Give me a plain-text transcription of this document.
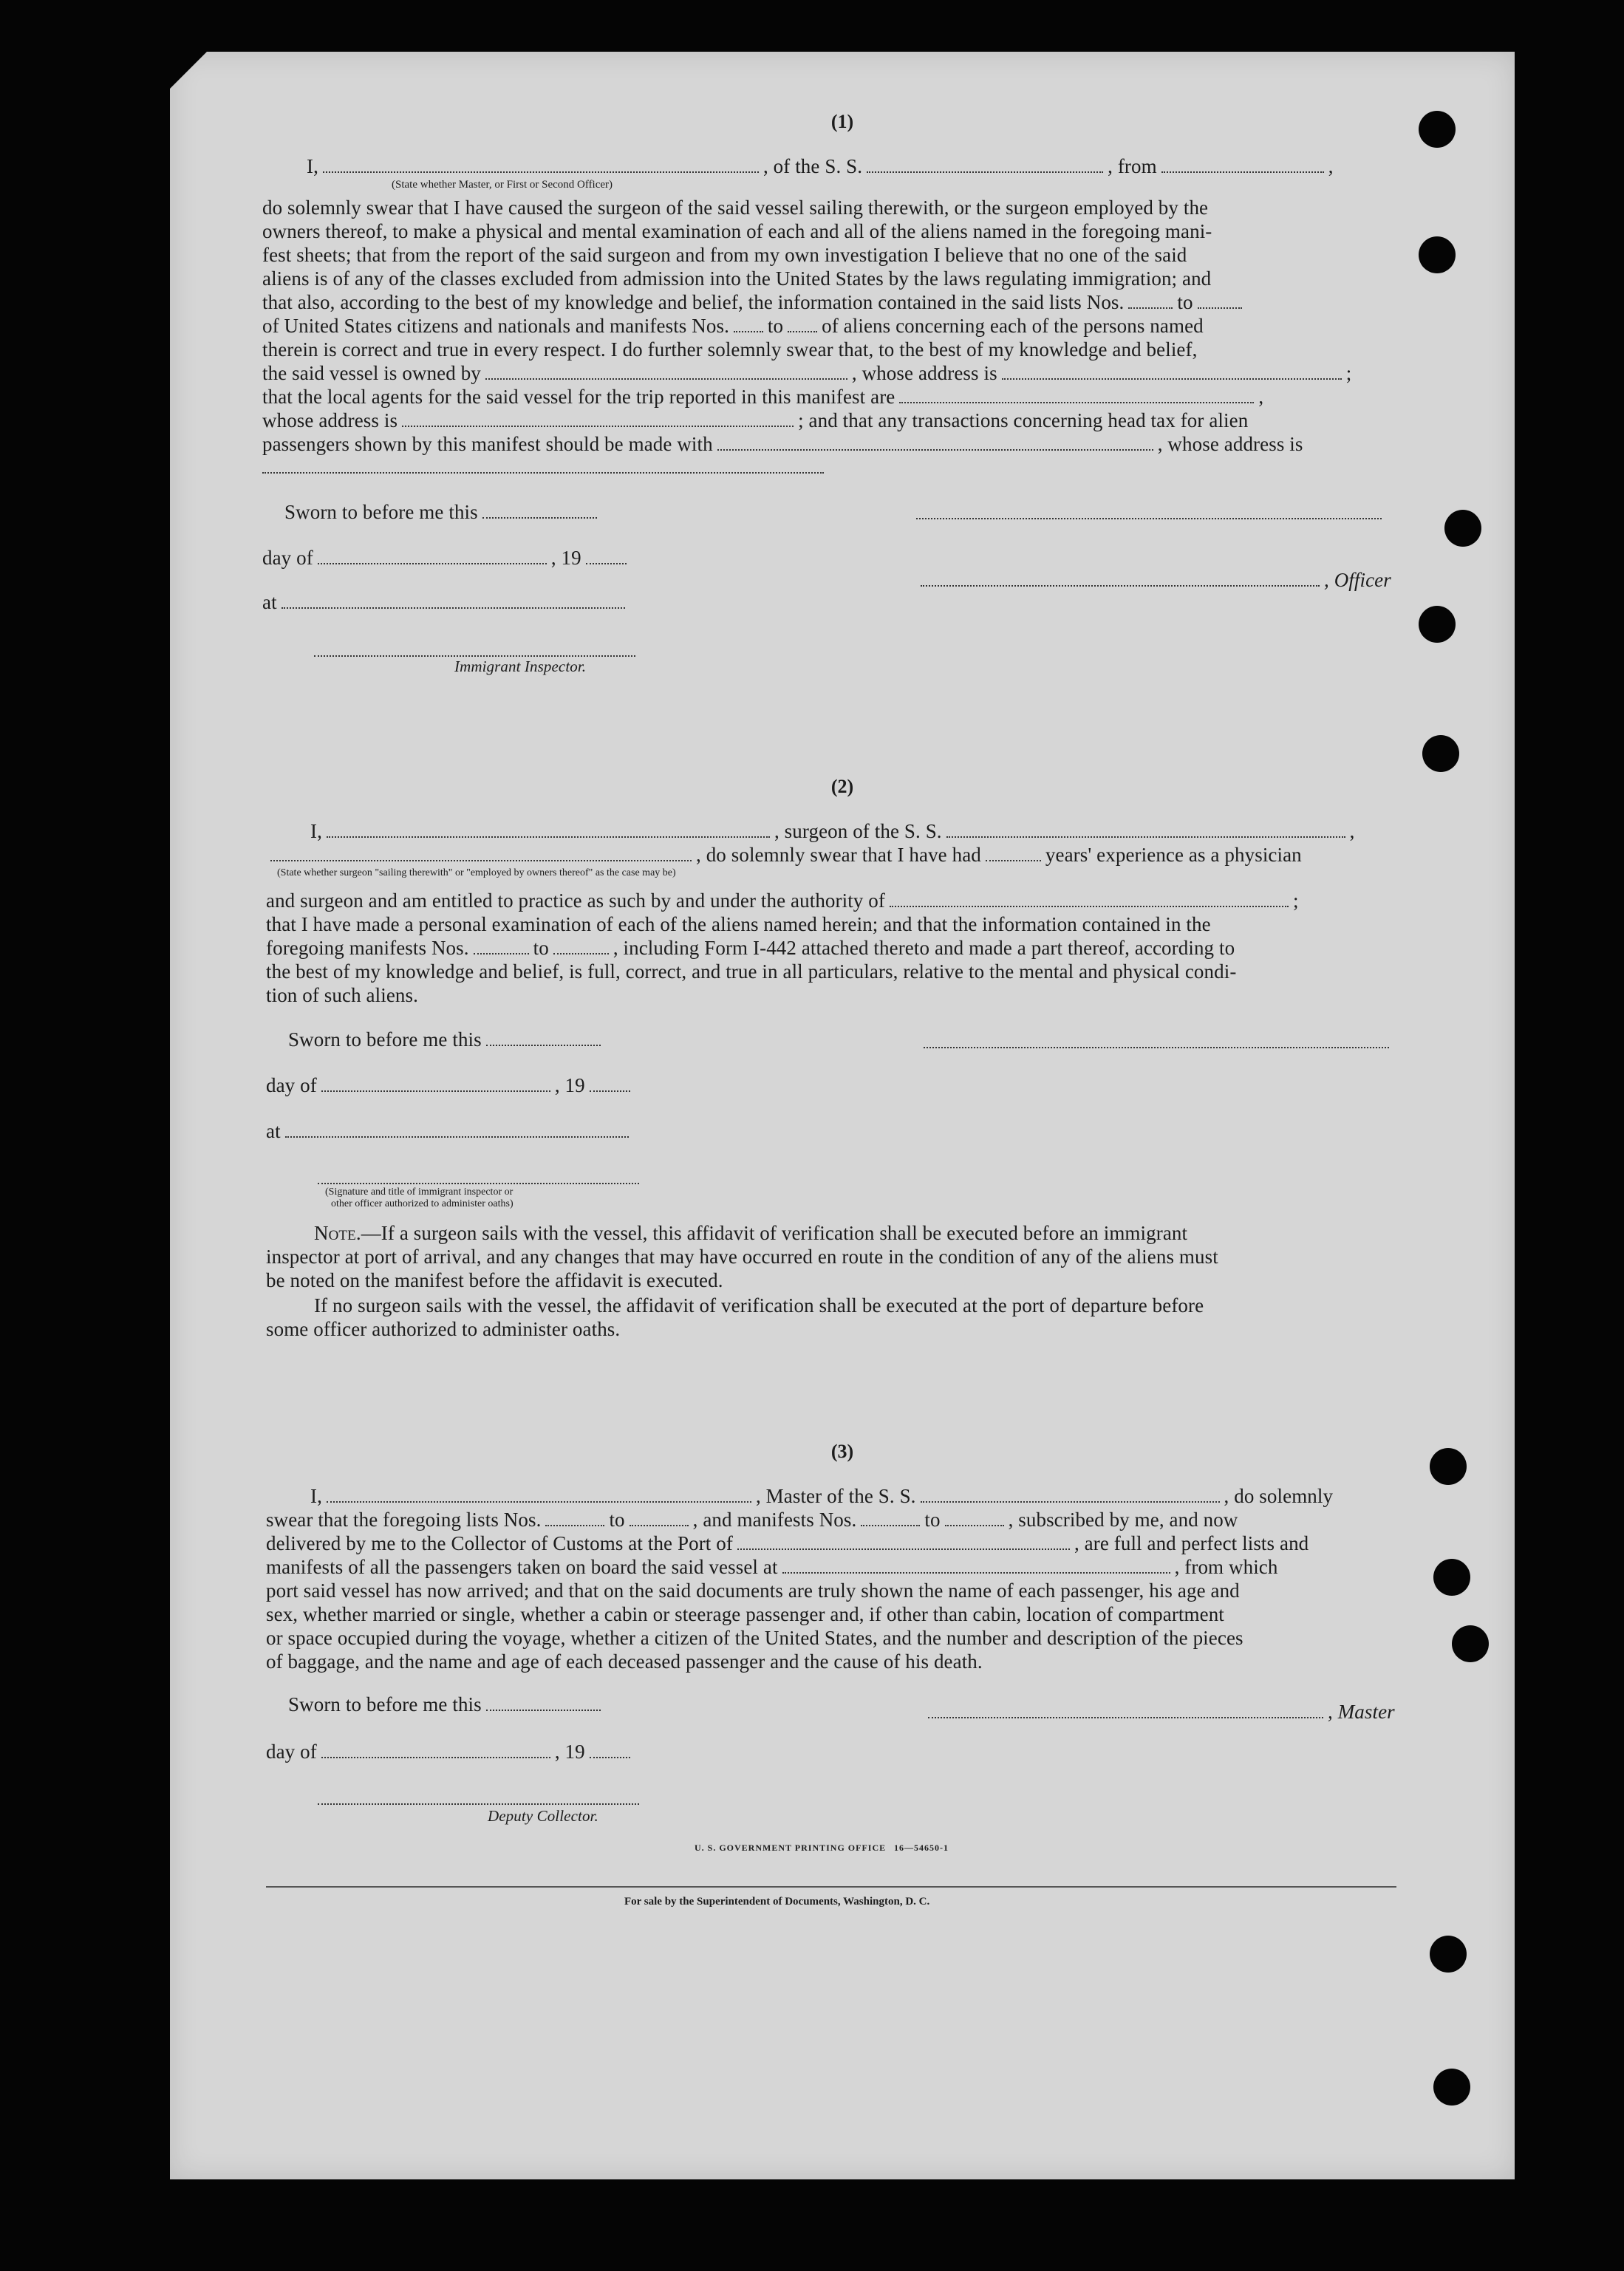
(1)
I,	, of the S. S.	, from	,
(State whether Master, or First or Second Officer)
do solemnly swear that I have caused the surgeon of the said vessel sailing therewith, or the surgeon employed by the
owners thereof, to make a physical and mental examination of each and all of the aliens named in the foregoing mani-
fest sheets; that from the report of the said surgeon and from my own investigation I believe that no one of the said
aliens is of any of the classes excluded from admission into the United States by the laws regulating immigration; and
that also, according to the best of my knowledge and belief, the information contained in the said lists Nos.	to
of United States citizens and nationals and manifests Nos. to of aliens concerning each of the persons named
therein is correct and true in every respect. I do further solemnly swear that, to the best of my knowledge and belief,
the said vessel is owned by	, whose address is	;
that the local agents for the said vessel for the trip reported in this manifest are	,
whose address is	; and that any transactions concerning head tax for alien
passengers shown by this manifest should be made with	, whose address is
Sworn to before me this
day of	, 19
, Officer
at
Immigrant Inspector.
(2)
I,	, surgeon of the S. S.	,
, do solemnly swear that I have had	years' experience as a physician
(State whether surgeon "sailing therewith" or "employed by owners thereof" as the case may be)
and surgeon and am entitled to practice as such by and under the authority of	;
that I have made a personal examination of each of the aliens named herein; and that the information contained in the
foregoing manifests Nos.	to	, including Form I-442 attached thereto and made a part thereof, according to
the best of my knowledge and belief, is full, correct, and true in all particulars, relative to the mental and physical condi-
tion of such aliens.
Sworn to before me this
day of	, 19
at
(Signature and title of immigrant inspector or
other officer authorized to administer oaths)
Note.—If a surgeon sails with the vessel, this affidavit of verification shall be executed before an immigrant
inspector at port of arrival, and any changes that may have occurred en route in the condition of any of the aliens must
be noted on the manifest before the affidavit is executed.
If no surgeon sails with the vessel, the affidavit of verification shall be executed at the port of departure before
some officer authorized to administer oaths.
(3)
I,	, Master of the S. S.	, do solemnly
swear that the foregoing lists Nos.	to	, and manifests Nos.	to	, subscribed by me, and now
delivered by me to the Collector of Customs at the Port of	, are full and perfect lists and
manifests of all the passengers taken on board the said vessel at	, from which
port said vessel has now arrived; and that on the said documents are truly shown the name of each passenger, his age and
sex, whether married or single, whether a cabin or steerage passenger and, if other than cabin, location of compartment
or space occupied during the voyage, whether a citizen of the United States, and the number and description of the pieces
of baggage, and the name and age of each deceased passenger and the cause of his death.
Sworn to before me this	, Master
day of	, 19
Deputy Collector.
U. S. GOVERNMENT PRINTING OFFICE 16—54650-1
For sale by the Superintendent of Documents, Washington, D. C.
